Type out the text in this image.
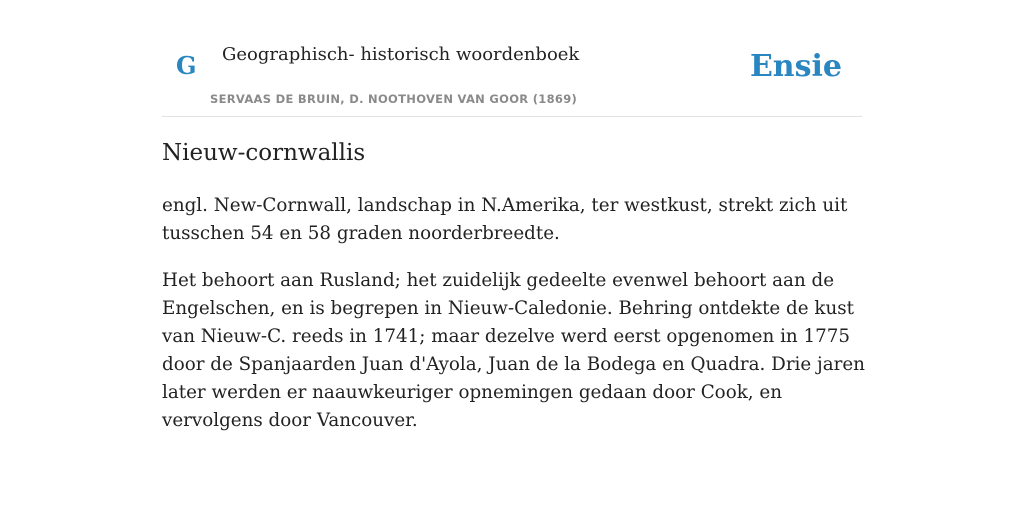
G Geographisch- historisch woordenboek
SERVAAS DE BRUIN, D. NOOTHOVEN VAN GOOR (1869)
Ensie
Nieuw-cornwallis

engl. New-Cornwall, landschap in N.Amerika, ter westkust, strekt zich uit tusschen 54 en 58 graden noorderbreedte.

Het behoort aan Rusland; het zuidelijk gedeelte evenwel behoort aan de Engelschen, en is begrepen in Nieuw-Caledonie. Behring ontdekte de kust van Nieuw-C. reeds in 1741; maar dezelve werd eerst opgenomen in 1775 door de Spanjaarden Juan d'Ayola, Juan de la Bodega en Quadra. Drie jaren later werden er naauwkeuriger opnemingen gedaan door Cook, en vervolgens door Vancouver.
